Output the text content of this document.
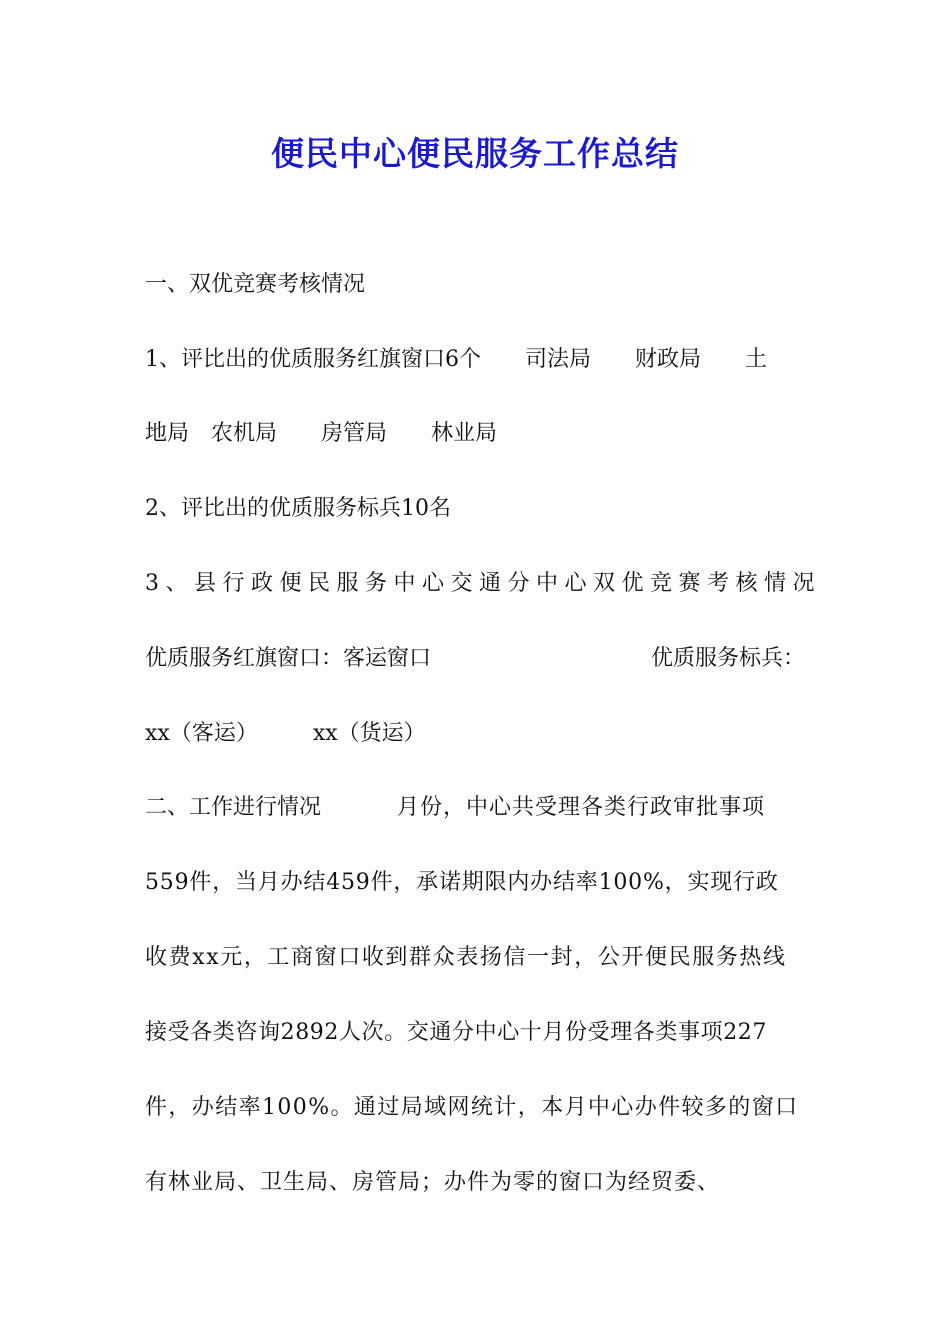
便民中心便民服务工作总结
一、双优竞赛考核情况
1、评比出的优质服务红旗窗口6个　　司法局　　财政局　　土
地局　农机局　　房管局　　林业局
2、评比出的优质服务标兵10名
3、县行政便民服务中心交通分中心双优竞赛考核情况
优质服务红旗窗口：客运窗口	优质服务标兵：
xx（客运）　　　xx（货运）
二、工作进行情况	月份，中心共受理各类行政审批事项
559件，当月办结459件，承诺期限内办结率100%，实现行政
收费xx元，工商窗口收到群众表扬信一封，公开便民服务热线
接受各类咨询2892人次。交通分中心十月份受理各类事项227
件，办结率100%。通过局域网统计，本月中心办件较多的窗口
有林业局、卫生局、房管局；办件为零的窗口为经贸委、
